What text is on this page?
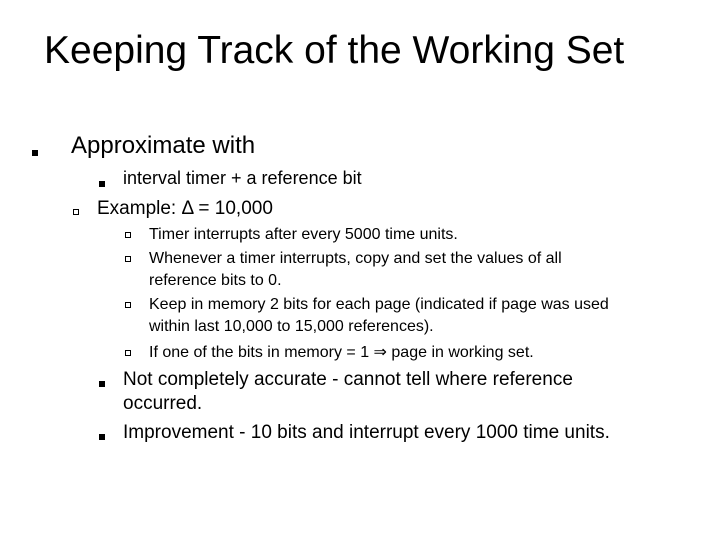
Keeping Track of the Working Set
Approximate with
interval timer + a reference bit
Example: Δ = 10,000
Timer interrupts after every 5000 time units.
Whenever a timer interrupts, copy and set the values of all
reference bits to 0.
Keep in memory 2 bits for each page (indicated if page was used
within last 10,000 to 15,000 references).
If one of the bits in memory = 1 ⇒ page in working set.
Not completely accurate - cannot tell where reference
occurred.
Improvement - 10 bits and interrupt every 1000 time units.
